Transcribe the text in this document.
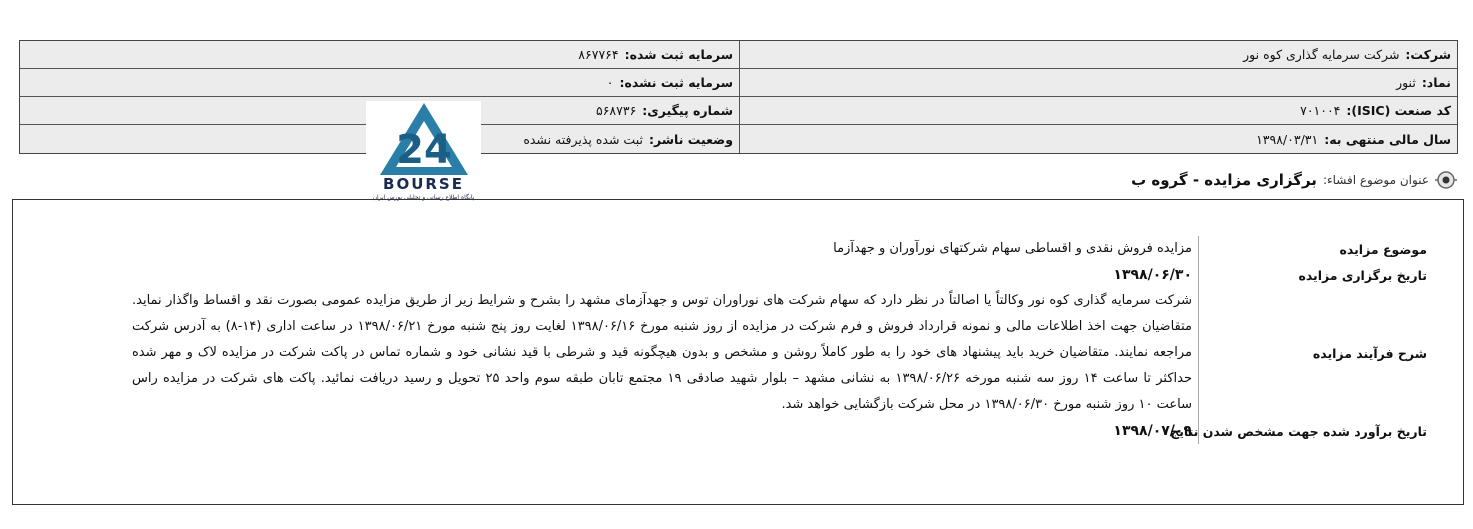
شرکت:
شرکت سرمایه گذاری کوه نور
سرمایه ثبت شده:
۸۶۷۷۶۴
نماد:
ثنور
سرمایه ثبت نشده:
۰
کد صنعت (ISIC):
۷۰۱۰۰۴
شماره پیگیری:
۵۶۸۷۳۶
سال مالی منتهی به:
۱۳۹۸/۰۳/۳۱
وضعیت ناشر:
ثبت شده پذیرفته نشده
24
BOURSE
پایگاه اطلاع رسانی و تحلیلی بورس ایران
عنوان موضوع افشاء:
برگزاری مزایده - گروه ب
موضوع مزایده
مزایده فروش نقدی و اقساطی سهام شرکتهای نورآوران و جهدآزما
تاریخ برگزاری مزایده
۱۳۹۸/۰۶/۳۰
شرح فرآیند مزایده
شرکت سرمایه گذاری کوه نور وکالتاً یا اصالتاً در نظر دارد که سهام شرکت های نوراوران توس و جهدآزمای مشهد را بشرح و شرایط زیر از طریق مزایده عمومی بصورت نقد و اقساط واگذار نماید. متقاضیان جهت اخذ اطلاعات مالی و نمونه قرارداد فروش و فرم شرکت در مزایده از روز شنبه مورخ ۱۳۹۸/۰۶/۱۶ لغایت روز پنج شنبه مورخ ۱۳۹۸/۰۶/۲۱ در ساعت اداری (۱۴-۸) به آدرس شرکت مراجعه نمایند. متقاضیان خرید باید پیشنهاد های خود را به طور کاملاً روشن و مشخص و بدون هیچگونه قید و شرطی با قید نشانی خود و شماره تماس در پاکت شرکت در مزایده لاک و مهر شده حداکثر تا ساعت ۱۴ روز سه شنبه مورخه ۱۳۹۸/۰۶/۲۶ به نشانی مشهد – بلوار شهید صادقی ۱۹ مجتمع تابان طبقه سوم واحد ۲۵ تحویل و رسید دریافت نمائید. پاکت های شرکت در مزایده راس ساعت ۱۰ روز شنبه مورخ ۱۳۹۸/۰۶/۳۰ در محل شرکت بازگشایی خواهد شد.
تاریخ برآورد شده جهت مشخص شدن نتایج
۱۳۹۸/۰۷/۰۹
